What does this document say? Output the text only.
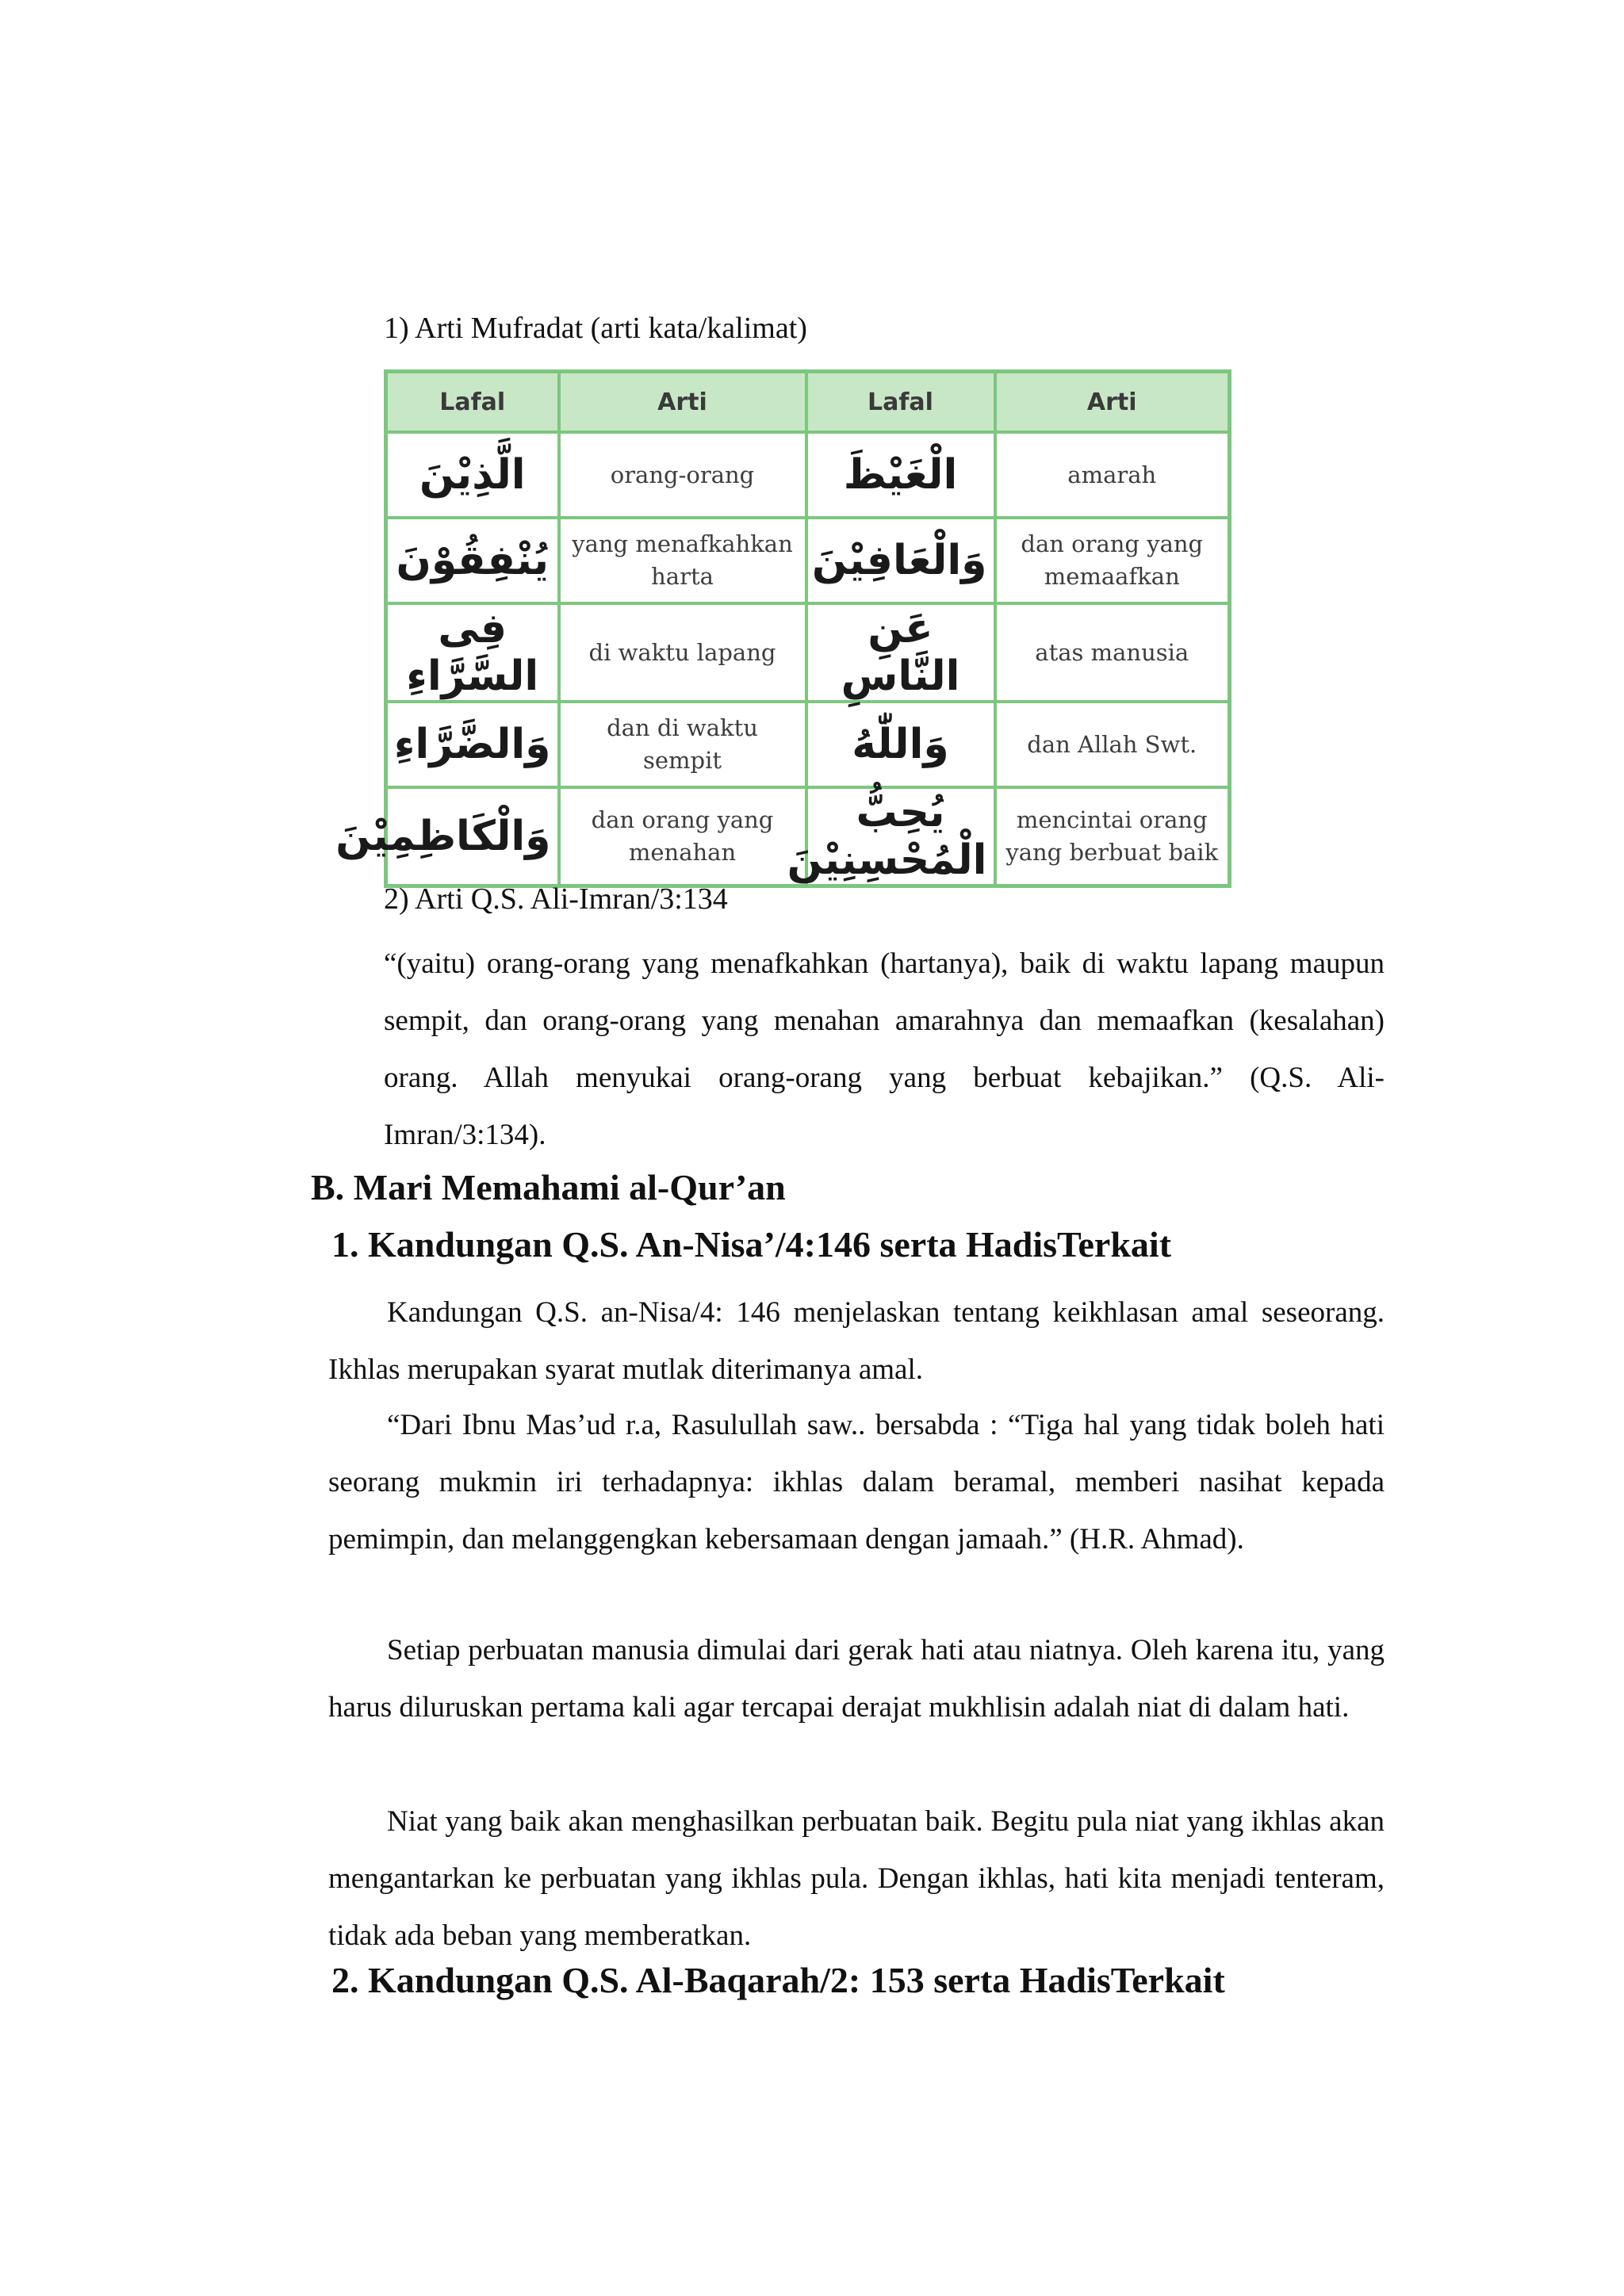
1) Arti Mufradat (arti kata/kalimat)
Lafal	Arti	Lafal	Arti
الَّذِيْنَ	orang-orang	الْغَيْظَ	amarah
يُنْفِقُوْنَ	yang menafkahkan harta	وَالْعَافِيْنَ	dan orang yang memaafkan
فِى السَّرَّاءِ	di waktu lapang	عَنِ النَّاسِ	atas manusia
وَالضَّرَّاءِ	dan di waktu sempit	وَاللّٰهُ	dan Allah Swt.
وَالْكَاظِمِيْنَ	dan orang yang menahan	يُحِبُّ الْمُحْسِنِيْنَ	mencintai orang yang berbuat baik
2) Arti Q.S. Ali-Imran/3:134

“(yaitu) orang-orang yang menafkahkan (hartanya), baik di waktu lapang maupun sempit, dan orang-orang yang menahan amarahnya dan memaafkan (kesalahan) orang. Allah menyukai orang-orang yang berbuat kebajikan.” (Q.S. Ali-Imran/3:134).

B. Mari Memahami al-Qur’an
1. Kandungan Q.S. An-Nisa’/4:146 serta HadisTerkait

Kandungan Q.S. an-Nisa/4: 146 menjelaskan tentang keikhlasan amal seseorang. Ikhlas merupakan syarat mutlak diterimanya amal.

“Dari Ibnu Mas’ud r.a, Rasulullah saw.. bersabda : “Tiga hal yang tidak boleh hati seorang mukmin iri terhadapnya: ikhlas dalam beramal, memberi nasihat kepada pemimpin, dan melanggengkan kebersamaan dengan jamaah.” (H.R. Ahmad).

Setiap perbuatan manusia dimulai dari gerak hati atau niatnya. Oleh karena itu, yang harus diluruskan pertama kali agar tercapai derajat mukhlisin adalah niat di dalam hati.

Niat yang baik akan menghasilkan perbuatan baik. Begitu pula niat yang ikhlas akan mengantarkan ke perbuatan yang ikhlas pula. Dengan ikhlas, hati kita menjadi tenteram, tidak ada beban yang memberatkan.

2. Kandungan Q.S. Al-Baqarah/2: 153 serta HadisTerkait
